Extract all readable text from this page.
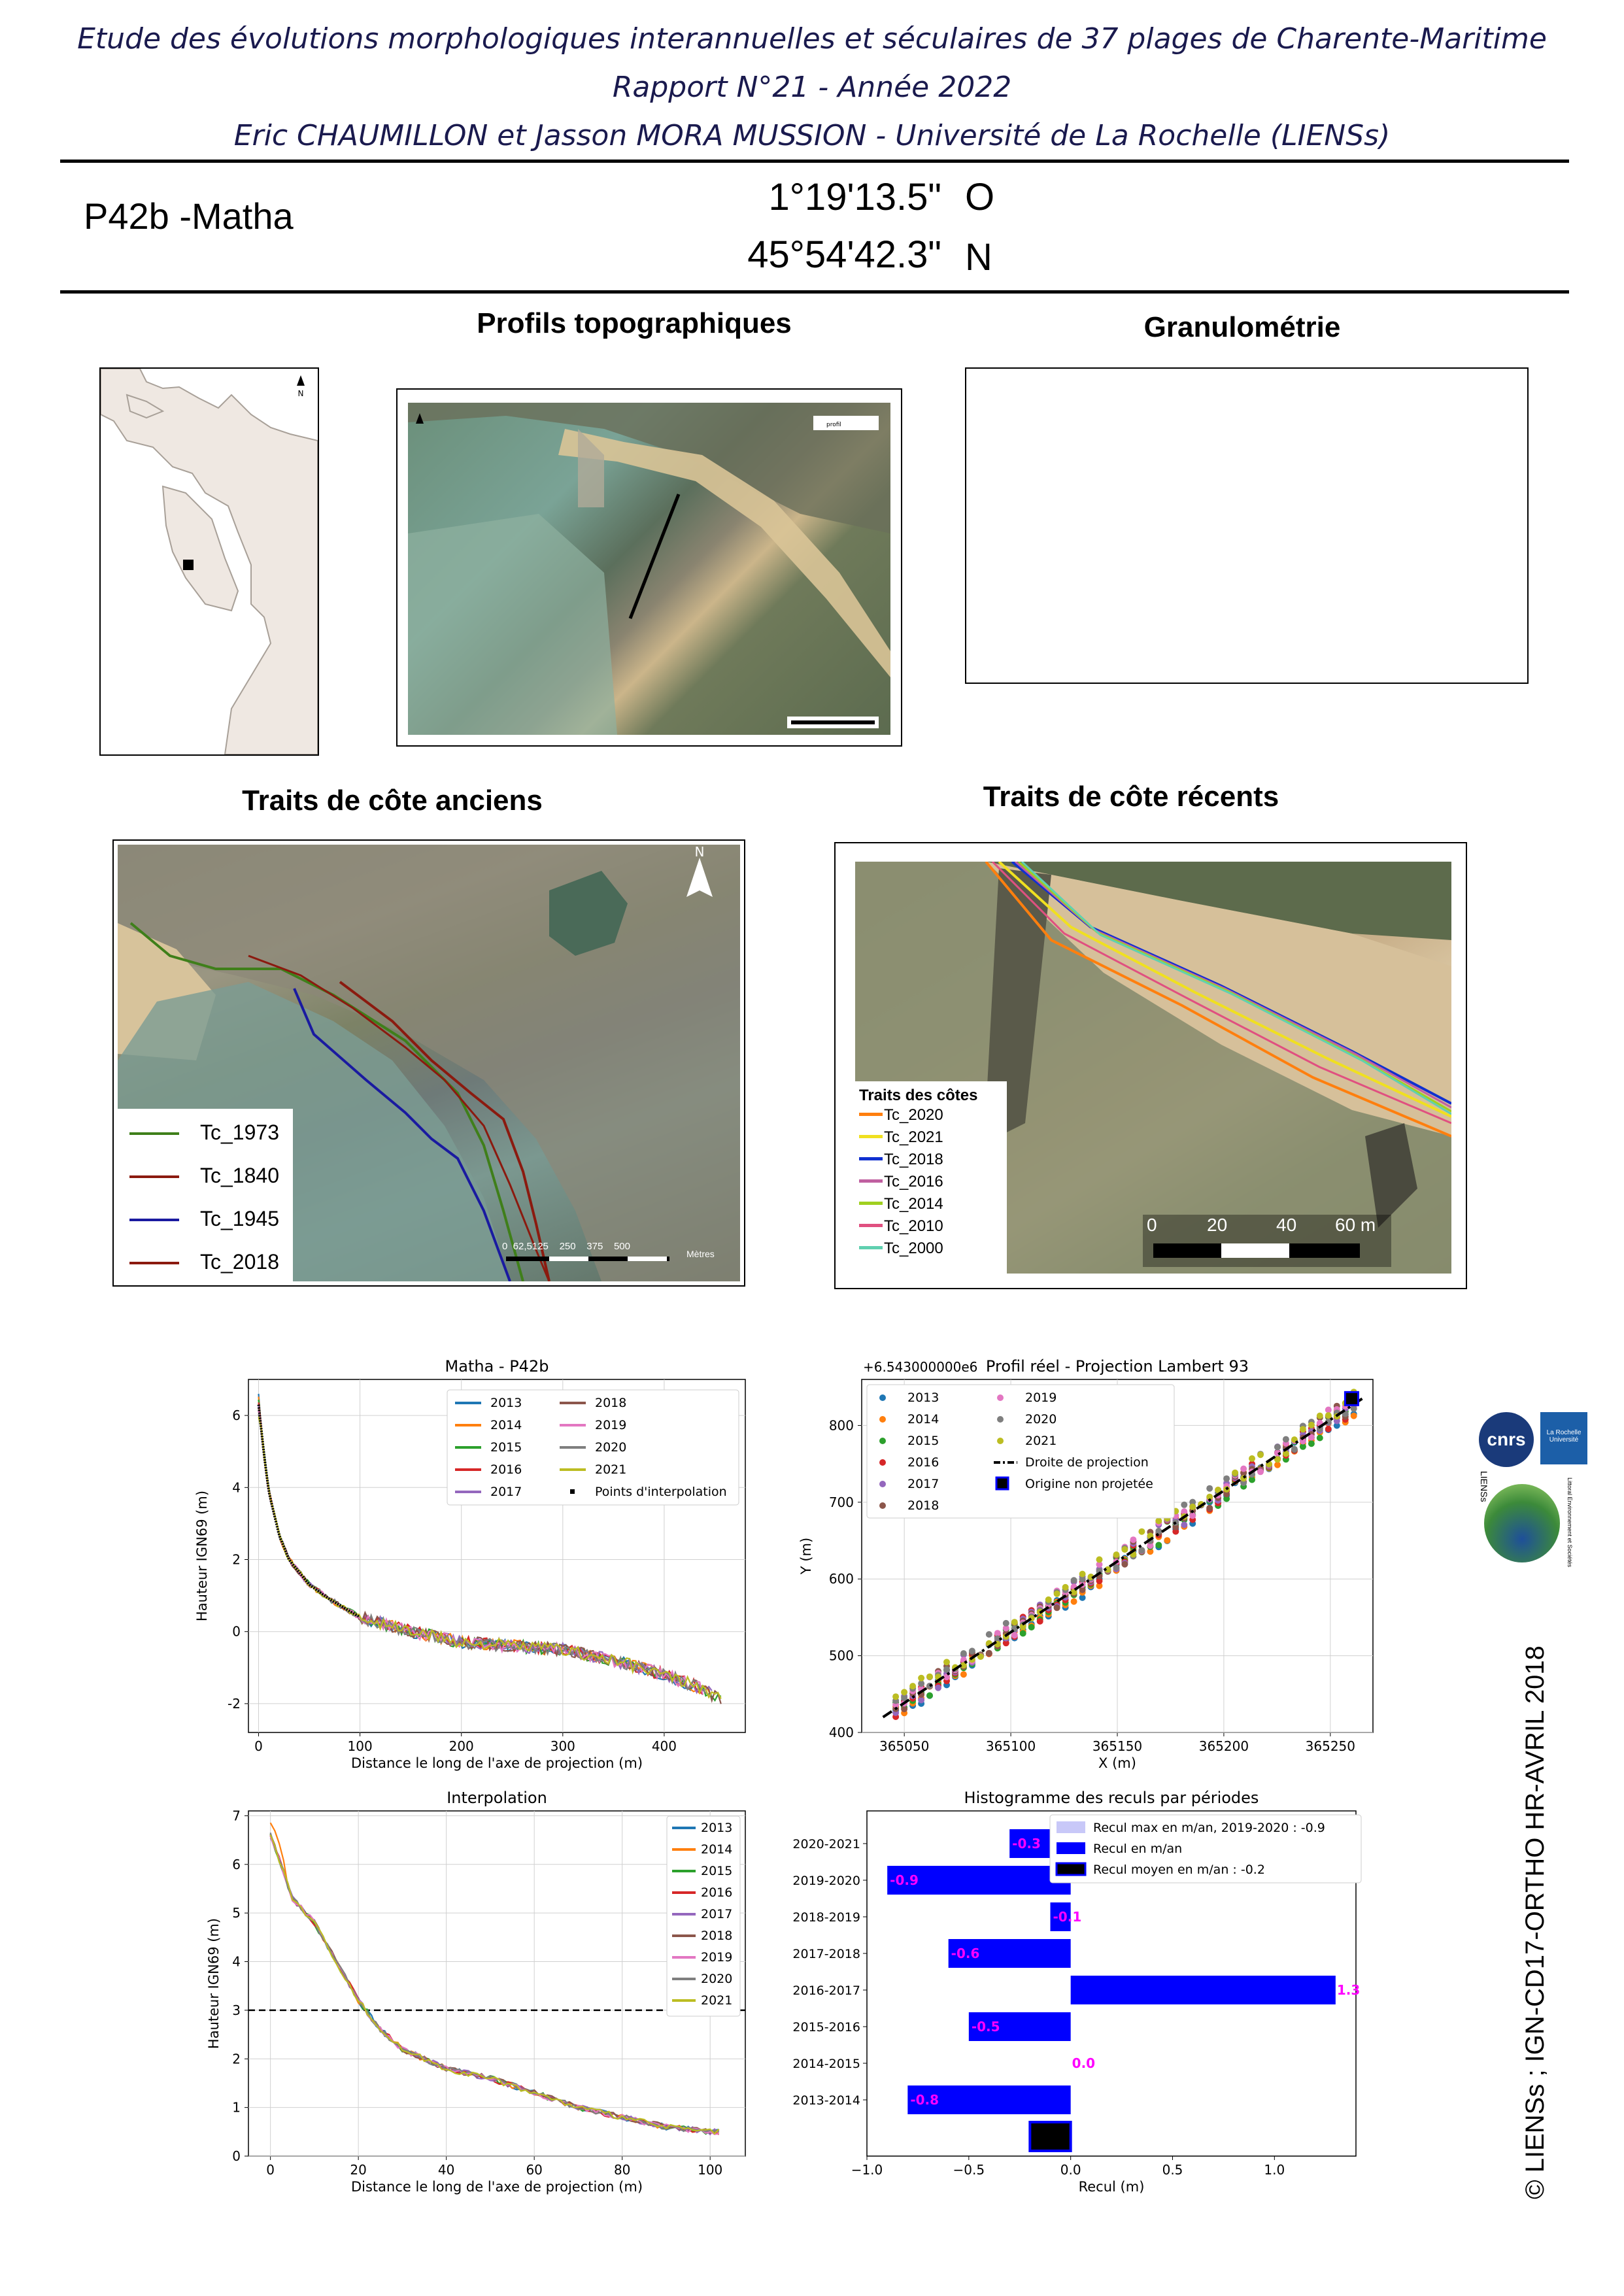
Etude des évolutions morphologiques interannuelles et séculaires de 37 plages de Charente-Maritime
Rapport N°21 - Année 2022
Eric CHAUMILLON et Jasson MORA MUSSION - Université de La Rochelle (LIENSs)
P42b -Matha	1°19'13.5" O
45°54'42.3" N
Profils topographiques	Granulométrie
N
profil
Traits de côte anciens	Traits de côte récents
N
0  62,5125    250    375    500
Mètres
Tc_1973
Tc_1840
Tc_1945
Tc_2018
0	20	40 60 m
Traits des côtes
Tc_2020
Tc_2021
Tc_2018
Tc_2016
Tc_2014
Tc_2010
Tc_2000
0	100	200	300	400
-2
0
2
4
6
Matha - P42b
Distance le long de l'axe de projection (m)
Hauteur IGN69 (m)
2013
2014
2015
2016
2017
2018
2019
2020
2021
Points d'interpolation
365050	365100	365150	365200	365250
400
500
600
700
800
Profil réel - Projection Lambert 93
X (m)
Y (m)
+6.543000000e6
2013
2014
2015
2016
2017
2018
2019
2020
2021
Droite de projection
Origine non projetée
0	20	40	60	80	100
0
1
2
3
4
5
6
7
Interpolation
Distance le long de l'axe de projection (m)
Hauteur IGN69 (m)
2013
2014
2015
2016
2017
2018
2019
2020
2021
−1.0	−0.5	0.0	0.5	1.0
Histogramme des reculs par périodes
Recul (m)
2020-2021	-0.3
2019-2020 -0.9
2018-2019	-0.1
2017-2018	-0.6
2016-2017	1.3
2015-2016	-0.5
2014-2015	0.0
2013-2014	-0.8
Recul max en m/an, 2019-2020 : -0.9
Recul en m/an
Recul moyen en m/an : -0.2
cnrs	La Rochelle Université
LIENSs	Littoral Environnement et Sociétés
© LIENSs ; IGN-CD17-ORTHO HR-AVRIL 2018
